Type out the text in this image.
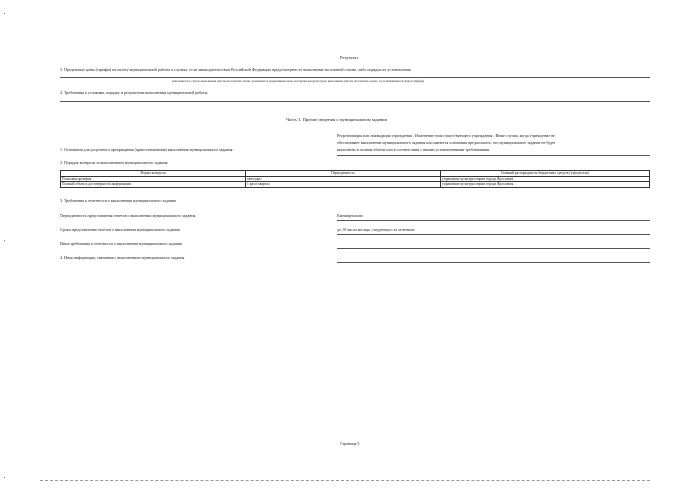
Результат
3. Предельные цены (тарифы) на оплату муниципальной работы в случаях, если законодательством Российской Федерации предусмотрено ее выполнение на платной основе, либо порядок их установления
(заполняется в случае выполнения работы на платной основе, указываются нормативные акты, которыми предусмотрено выполнение работы на платной основе, и устанавливаются цены (тарифы))
4. Требования к условиям, порядку и результатам выполнения муниципальной работы
Часть 3. Прочие сведения о муниципальном задании
Реорганизация или ликвидация учреждения ; Изменение типа существующего учреждения ; Иные случаи, когда учреждение не
обеспечивает выполнение муниципального задания или имеются основания предполагать, что муниципальное задание не будет
выполнено в полном объеме или в соответствии с иными установленными требованиями.
1. Основания для досрочного прекращения (приостановления) выполнения муниципального задания:
2. Порядок контроля за выполнением муниципального задания
Форма контроля	Периодичность	Главный распорядитель бюджетных средств (учредитель)
Плановая проверка	ежегодно	управление культуры мэрии города Ярославля
Полный объем и достоверность информации	1 раз в квартал	управление культуры мэрии города Ярославля
3. Требования к отчетности о выполнении муниципального задания
Периодичность представления отчетов о выполнении муниципального задания	Ежеквартально
Сроки представления отчетов о выполнении муниципального задания	до 10 числа месяца, следующего за отчетным
Иные требования к отчетности о выполнении муниципального задания
4. Иная информация, связанная с выполнением муниципального задания
Страница 5
